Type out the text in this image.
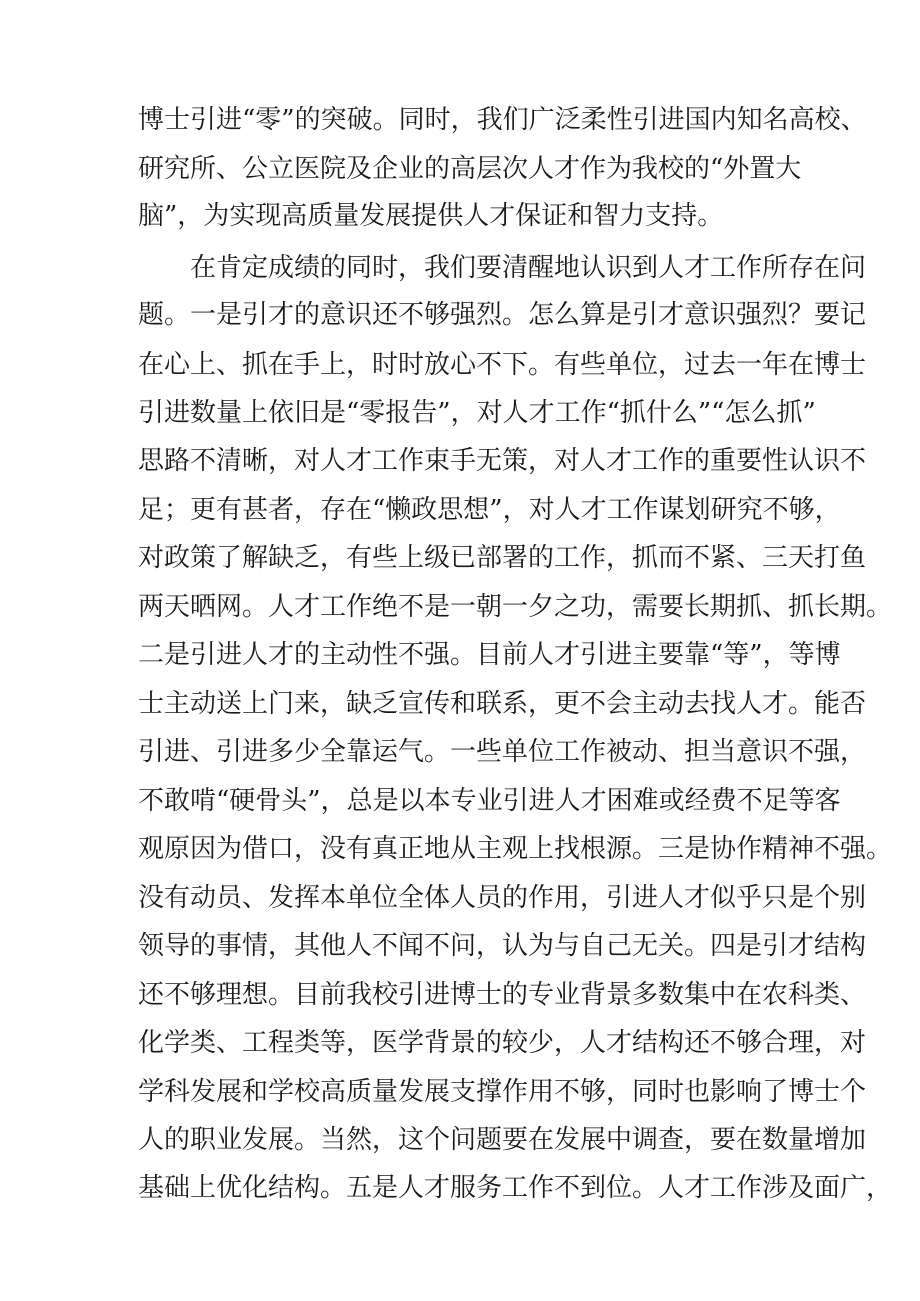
博士引进“零”的突破。同时，我们广泛柔性引进国内知名高校、
研究所、公立医院及企业的高层次人才作为我校的“外置大
脑”，为实现高质量发展提供人才保证和智力支持。
在肯定成绩的同时，我们要清醒地认识到人才工作所存在问
题。一是引才的意识还不够强烈。怎么算是引才意识强烈？要记
在心上、抓在手上，时时放心不下。有些单位，过去一年在博士
引进数量上依旧是“零报告”，对人才工作“抓什么”“怎么抓”
思路不清晰，对人才工作束手无策，对人才工作的重要性认识不
足；更有甚者，存在“懒政思想”，对人才工作谋划研究不够，
对政策了解缺乏，有些上级已部署的工作，抓而不紧、三天打鱼
两天晒网。人才工作绝不是一朝一夕之功，需要长期抓、抓长期。
二是引进人才的主动性不强。目前人才引进主要靠“等”，等博
士主动送上门来，缺乏宣传和联系，更不会主动去找人才。能否
引进、引进多少全靠运气。一些单位工作被动、担当意识不强，
不敢啃“硬骨头”，总是以本专业引进人才困难或经费不足等客
观原因为借口，没有真正地从主观上找根源。三是协作精神不强。
没有动员、发挥本单位全体人员的作用，引进人才似乎只是个别
领导的事情，其他人不闻不问，认为与自己无关。四是引才结构
还不够理想。目前我校引进博士的专业背景多数集中在农科类、
化学类、工程类等，医学背景的较少，人才结构还不够合理，对
学科发展和学校高质量发展支撑作用不够，同时也影响了博士个
人的职业发展。当然，这个问题要在发展中调查，要在数量增加
基础上优化结构。五是人才服务工作不到位。人才工作涉及面广，
